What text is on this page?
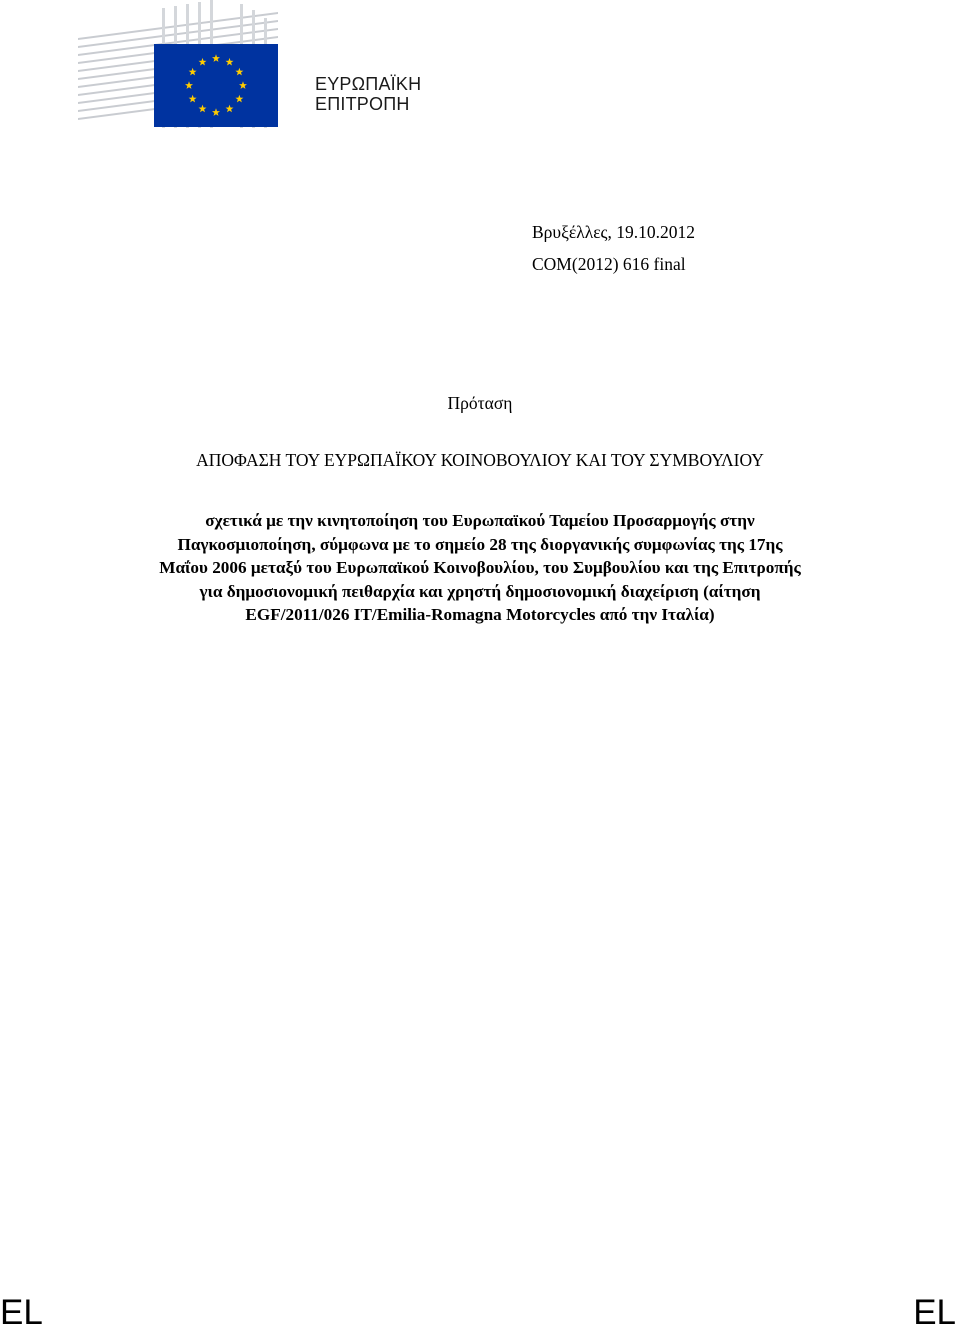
ΕΥΡΩΠΑΪΚΗ
ΕΠΙΤΡΟΠΗ
Βρυξέλλες, 19.10.2012
COM(2012) 616 final
Πρόταση
ΑΠΟΦΑΣΗ ΤΟΥ ΕΥΡΩΠΑΪΚΟΥ ΚΟΙΝΟΒΟΥΛΙΟΥ ΚΑΙ ΤΟΥ ΣΥΜΒΟΥΛΙΟΥ
σχετικά με την κινητοποίηση του Ευρωπαϊκού Ταμείου Προσαρμογής στην
Παγκοσμιοποίηση, σύμφωνα με το σημείο 28 της διοργανικής συμφωνίας της 17ης
Μαΐου 2006 μεταξύ του Ευρωπαϊκού Κοινοβουλίου, του Συμβουλίου και της Επιτροπής
για δημοσιονομική πειθαρχία και χρηστή δημοσιονομική διαχείριση (αίτηση
EGF/2011/026 IT/Emilia-Romagna Motorcycles από την Ιταλία)
EL	EL
